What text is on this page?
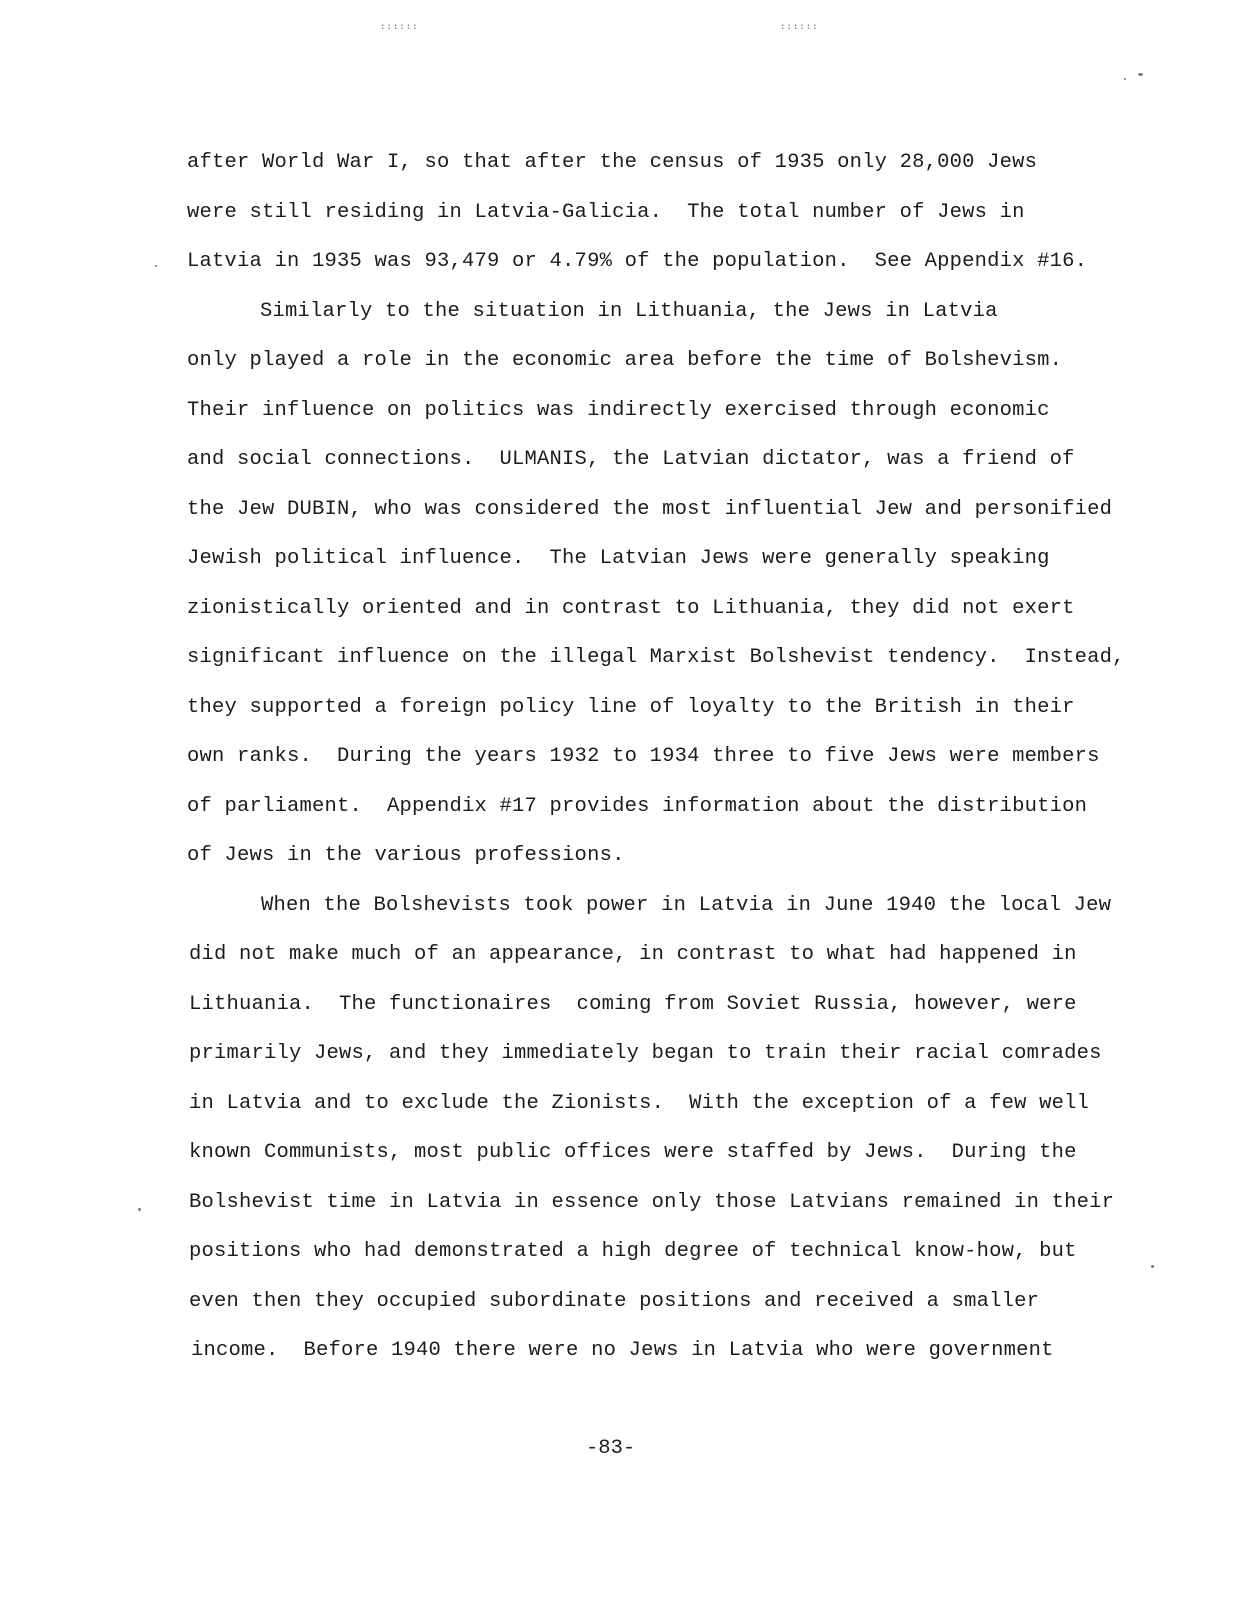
::::::	::::::
after World War I, so that after the census of 1935 only 28,000 Jews
were still residing in Latvia-Galicia.  The total number of Jews in
Latvia in 1935 was 93,479 or 4.79% of the population.  See Appendix #16.
Similarly to the situation in Lithuania, the Jews in Latvia
only played a role in the economic area before the time of Bolshevism.
Their influence on politics was indirectly exercised through economic
and social connections.  ULMANIS, the Latvian dictator, was a friend of
the Jew DUBIN, who was considered the most influential Jew and personified
Jewish political influence.  The Latvian Jews were generally speaking
zionistically oriented and in contrast to Lithuania, they did not exert
significant influence on the illegal Marxist Bolshevist tendency.  Instead,
they supported a foreign policy line of loyalty to the British in their
own ranks.  During the years 1932 to 1934 three to five Jews were members
of parliament.  Appendix #17 provides information about the distribution
of Jews in the various professions.
When the Bolshevists took power in Latvia in June 1940 the local Jew
did not make much of an appearance, in contrast to what had happened in
Lithuania.  The functionaires  coming from Soviet Russia, however, were
primarily Jews, and they immediately began to train their racial comrades
in Latvia and to exclude the Zionists.  With the exception of a few well
known Communists, most public offices were staffed by Jews.  During the
Bolshevist time in Latvia in essence only those Latvians remained in their
positions who had demonstrated a high degree of technical know-how, but
even then they occupied subordinate positions and received a smaller
income.  Before 1940 there were no Jews in Latvia who were government
-83-
